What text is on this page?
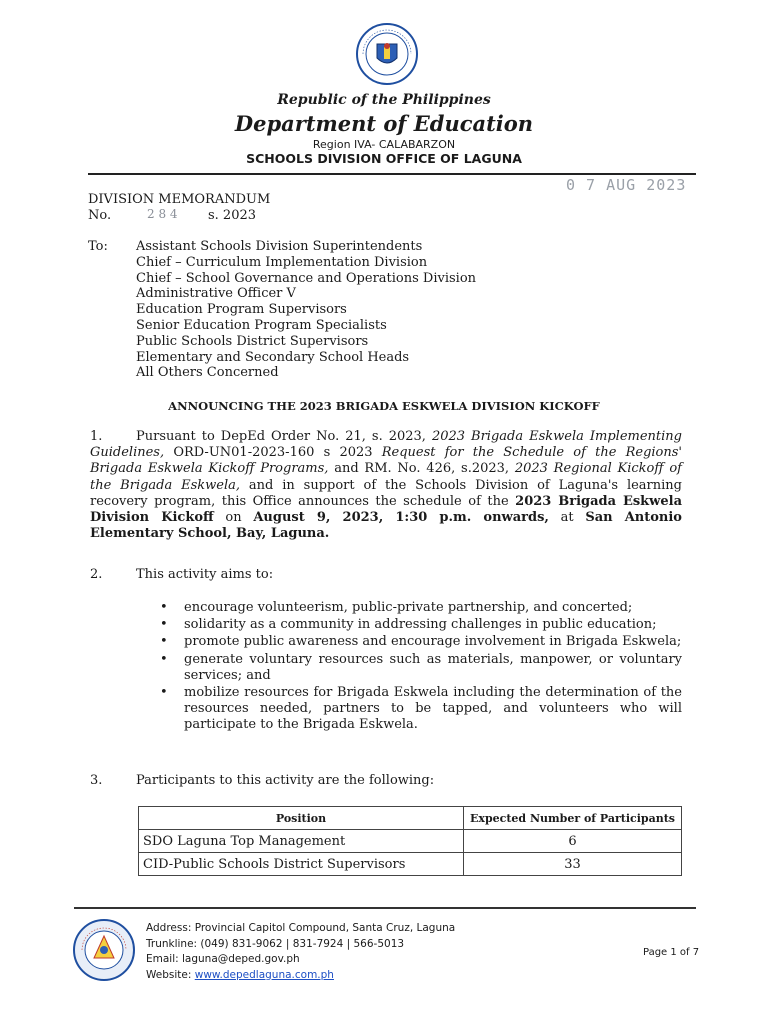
Republic of the Philippines
Department of Education
Region IVA- CALABARZON
SCHOOLS DIVISION OFFICE OF LAGUNA
0 7 AUG 2023
DIVISION MEMORANDUM
No.	2 8 4 s. 2023
To: Assistant Schools Division Superintendents
Chief – Curriculum Implementation Division
Chief – School Governance and Operations Division
Administrative Officer V
Education Program Supervisors
Senior Education Program Specialists
Public Schools District Supervisors
Elementary and Secondary School Heads
All Others Concerned
ANNOUNCING THE 2023 BRIGADA ESKWELA DIVISION KICKOFF
1.	Pursuant to DepEd Order No. 21, s. 2023, 2023 Brigada Eskwela Implementing Guidelines, ORD-UN01-2023-160 s 2023 Request for the Schedule of the Regions' Brigada Eskwela Kickoff Programs, and RM. No. 426, s.2023, 2023 Regional Kickoff of the Brigada Eskwela, and in support of the Schools Division of Laguna's learning recovery program, this Office announces the schedule of the 2023 Brigada Eskwela Division Kickoff on August 9, 2023, 1:30 p.m. onwards, at San Antonio Elementary School, Bay, Laguna.
2.	This activity aims to:
• encourage volunteerism, public-private partnership, and concerted;
• solidarity as a community in addressing challenges in public education;
• promote public awareness and encourage involvement in Brigada Eskwela;
• generate voluntary resources such as materials, manpower, or voluntary services; and
• mobilize resources for Brigada Eskwela including the determination of the resources needed, partners to be tapped, and volunteers who will participate to the Brigada Eskwela.
3.	Participants to this activity are the following:
Position	Expected Number of Participants
SDO Laguna Top Management	6
CID-Public Schools District Supervisors	33
Address: Provincial Capitol Compound, Santa Cruz, Laguna
Trunkline: (049) 831-9062 | 831-7924 | 566-5013
Email: laguna@deped.gov.ph
Website: www.depedlaguna.com.ph
Page 1 of 7
